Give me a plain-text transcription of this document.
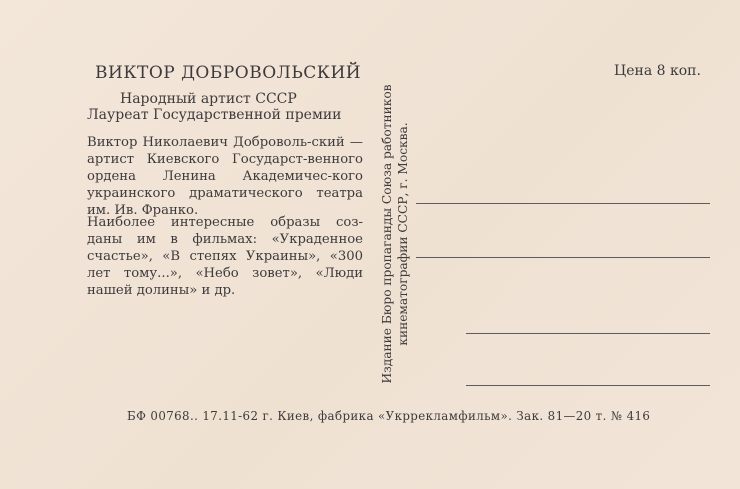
ВИКТОР ДОБРОВОЛЬСКИЙ	Цена 8 коп.
Народный артист СССР
Лауреат Государственной премии

Виктор Николаевич Доброволь-ский — артист Киевского Государст-венного ордена Ленина Академичес-кого украинского драматического театра им. Ив. Франко.

Наиболее интересные образы соз-даны им в фильмах: «Украденное счастье», «В степях Украины», «300 лет тому...», «Небо зовет», «Люди нашей долины» и др.	Издание Бюро пропаганды Союза работников кинематографии СССР, г. Москва.
БФ 00768.. 17.11-62 г. Киев, фабрика «Укррекламфильм». Зак. 81—20 т. № 416
